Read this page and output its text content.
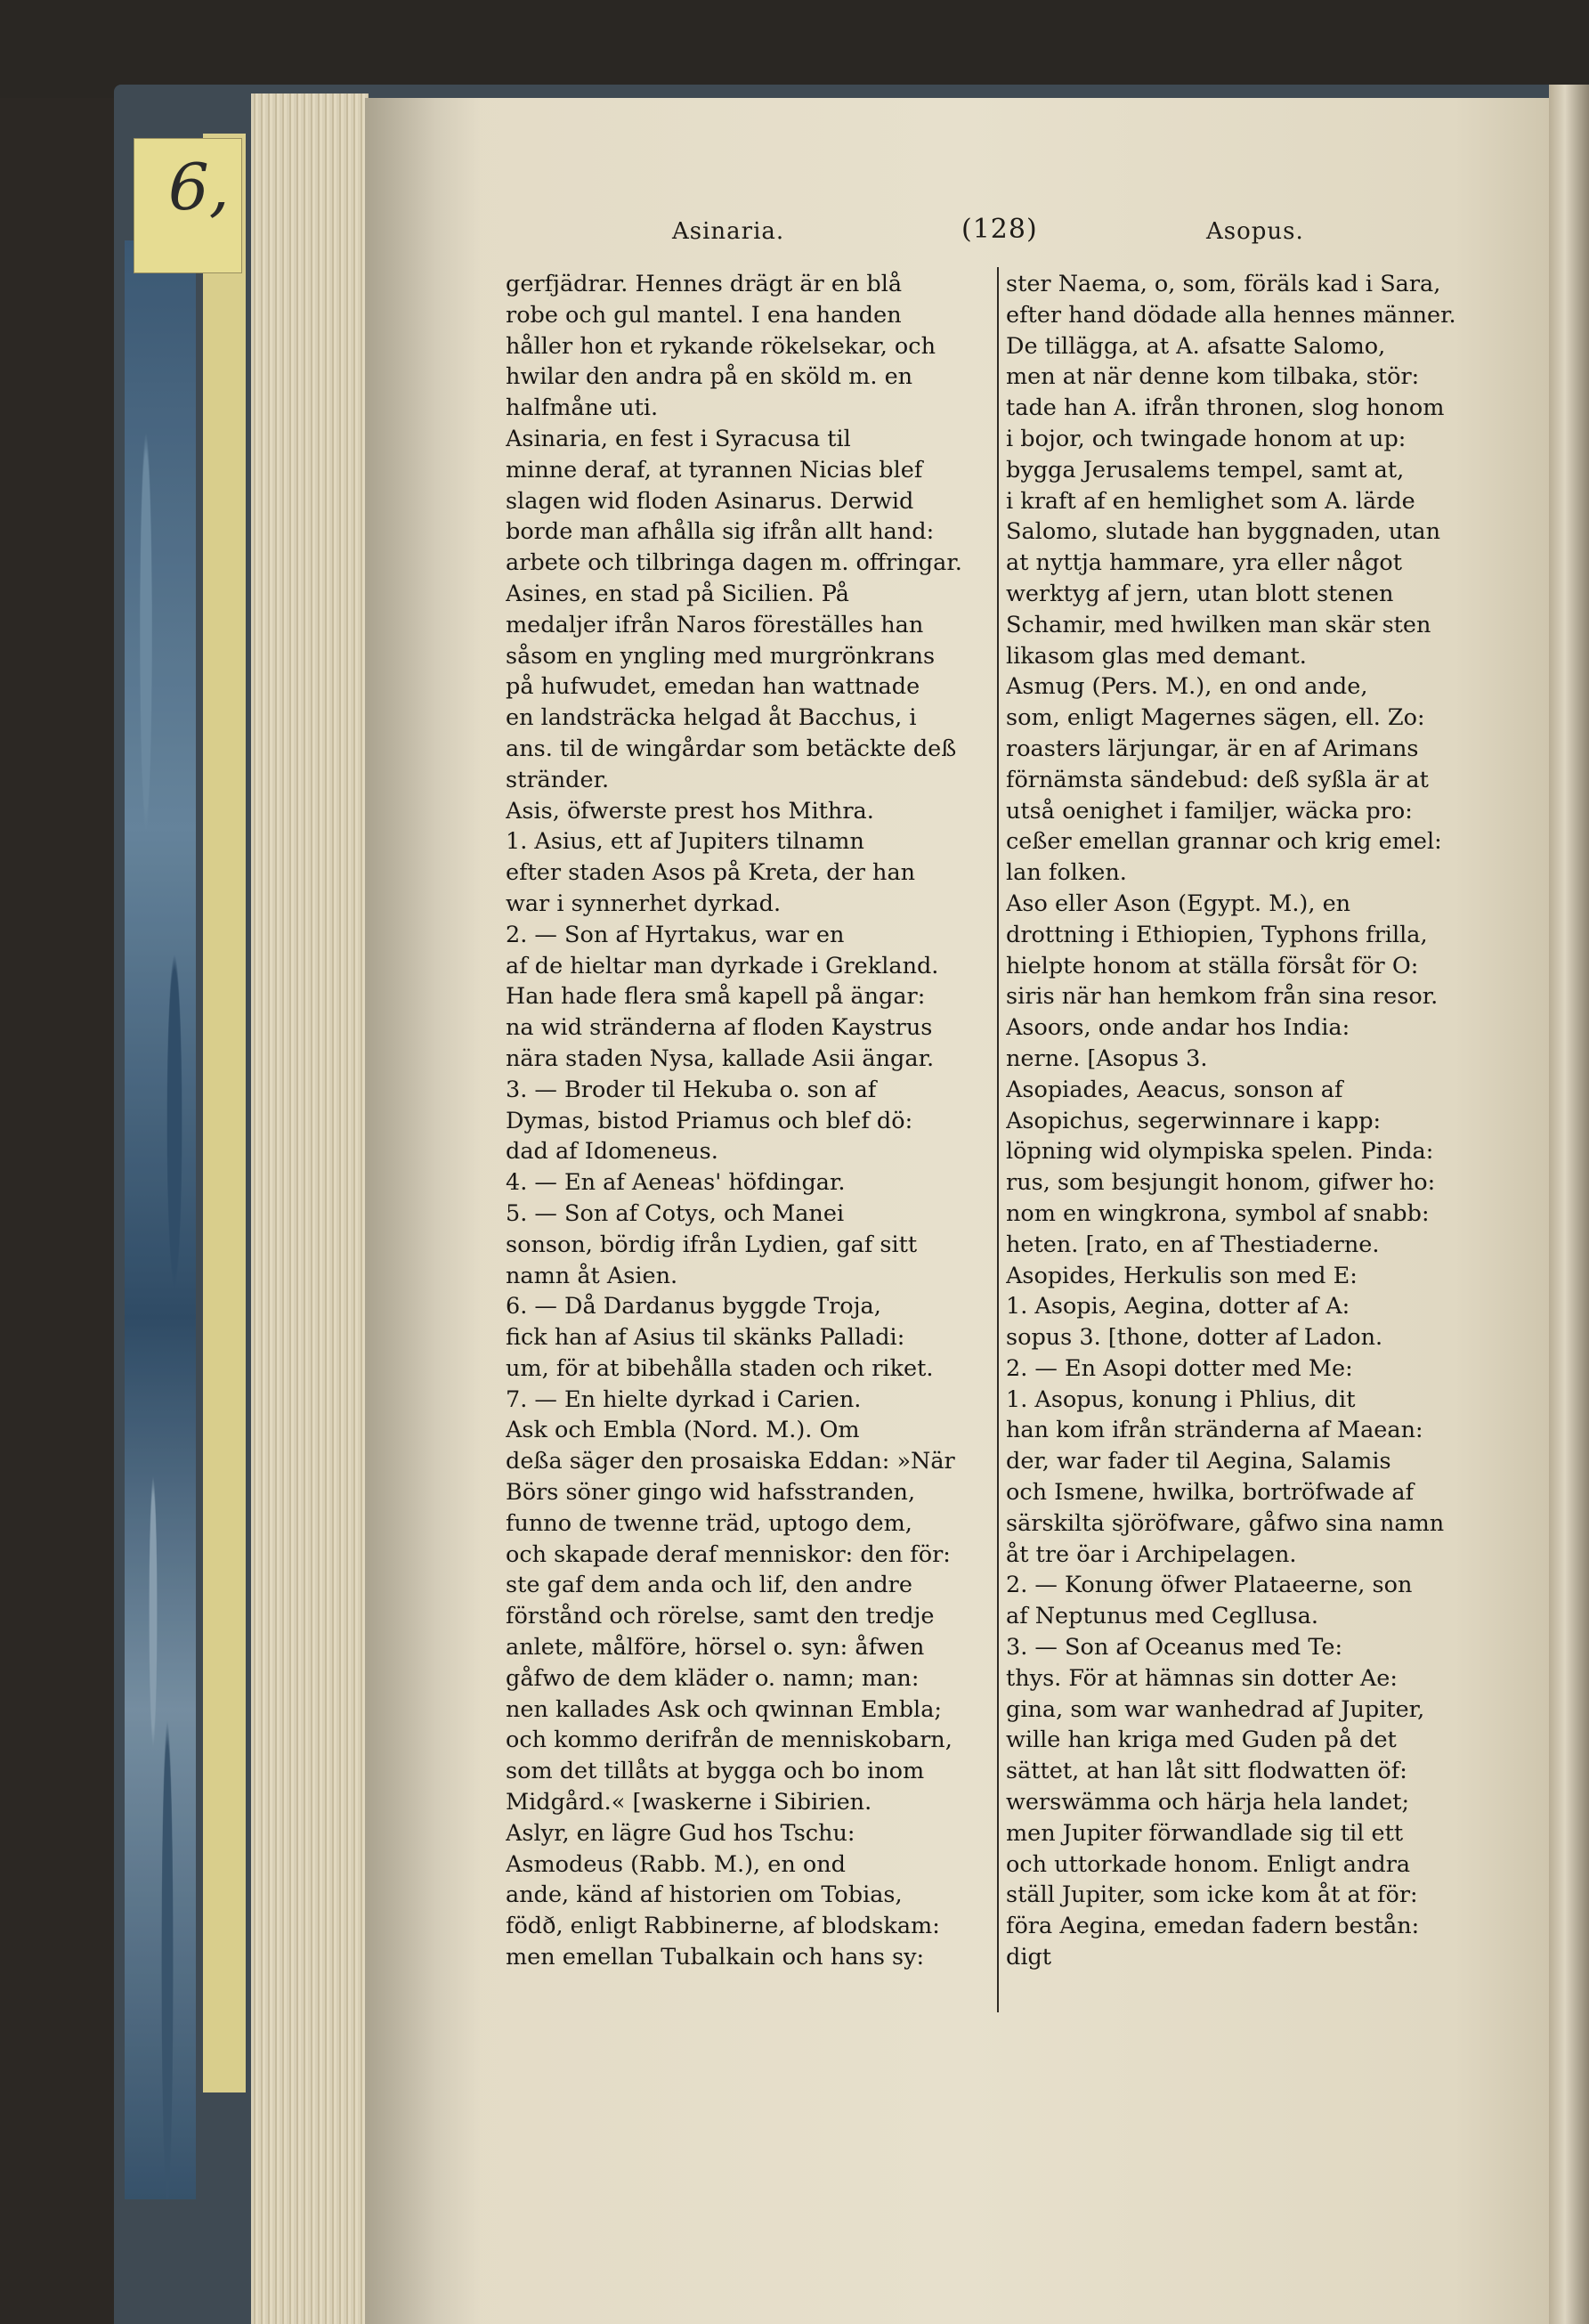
6,
Asinaria.	(128)	Asopus.
gerfjädrar. Hennes drägt är en blå
robe och gul mantel. I ena handen
håller hon et rykande rökelsekar, och
hwilar den andra på en sköld m. en
halfmåne uti.
Asinaria, en fest i Syracusa til
minne deraf, at tyrannen Nicias blef
slagen wid floden Asinarus. Derwid
borde man afhålla sig ifrån allt hand:
arbete och tilbringa dagen m. offringar.
Asines, en stad på Sicilien. På
medaljer ifrån Naros föreställes han
såsom en yngling med murgrönkrans
på hufwudet, emedan han wattnade
en landsträcka helgad åt Bacchus, i
ans. til de wingårdar som betäckte deß
stränder.
Asis, öfwerste prest hos Mithra.
1. Asius, ett af Jupiters tilnamn
efter staden Asos på Kreta, der han
war i synnerhet dyrkad.
2. — Son af Hyrtakus, war en
af de hieltar man dyrkade i Grekland.
Han hade flera små kapell på ängar:
na wid stränderna af floden Kaystrus
nära staden Nysa, kallade Asii ängar.
3. — Broder til Hekuba o. son af
Dymas, bistod Priamus och blef dö:
dad af Idomeneus.
4. — En af Aeneas' höfdingar.
5. — Son af Cotys, och Manei
sonson, bördig ifrån Lydien, gaf sitt
namn åt Asien.
6. — Då Dardanus byggde Troja,
fick han af Asius til skänks Palladi:
um, för at bibehålla staden och riket.
7. — En hielte dyrkad i Carien.
Ask och Embla (Nord. M.). Om
deßa säger den prosaiska Eddan: »När
Börs söner gingo wid hafsstranden,
funno de twenne träd, uptogo dem,
och skapade deraf menniskor: den för:
ste gaf dem anda och lif, den andre
förstånd och rörelse, samt den tredje
anlete, målföre, hörsel o. syn: åfwen
gåfwo de dem kläder o. namn; man:
nen kallades Ask och qwinnan Embla;
och kommo derifrån de menniskobarn,
som det tillåts at bygga och bo inom
Midgård.« [waskerne i Sibirien.
Aslyr, en lägre Gud hos Tschu:
Asmodeus (Rabb. M.), en ond
ande, känd af historien om Tobias,
födð, enligt Rabbinerne, af blodskam:
men emellan Tubalkain och hans sy:
ster Naema, o, som, föräls kad i Sara,
efter hand dödade alla hennes männer.
De tillägga, at A. afsatte Salomo,
men at när denne kom tilbaka, stör:
tade han A. ifrån thronen, slog honom
i bojor, och twingade honom at up:
bygga Jerusalems tempel, samt at,
i kraft af en hemlighet som A. lärde
Salomo, slutade han byggnaden, utan
at nyttja hammare, yra eller något
werktyg af jern, utan blott stenen
Schamir, med hwilken man skär sten
likasom glas med demant.
Asmug (Pers. M.), en ond ande,
som, enligt Magernes sägen, ell. Zo:
roasters lärjungar, är en af Arimans
förnämsta sändebud: deß syßla är at
utså oenighet i familjer, wäcka pro:
ceßer emellan grannar och krig emel:
lan folken.
Aso eller Ason (Egypt. M.), en
drottning i Ethiopien, Typhons frilla,
hielpte honom at ställa försåt för O:
siris när han hemkom från sina resor.
Asoors, onde andar hos India:
nerne. [Asopus 3.
Asopiades, Aeacus, sonson af
Asopichus, segerwinnare i kapp:
löpning wid olympiska spelen. Pinda:
rus, som besjungit honom, gifwer ho:
nom en wingkrona, symbol af snabb:
heten. [rato, en af Thestiaderne.
Asopides, Herkulis son med E:
1. Asopis, Aegina, dotter af A:
sopus 3. [thone, dotter af Ladon.
2. — En Asopi dotter med Me:
1. Asopus, konung i Phlius, dit
han kom ifrån stränderna af Maean:
der, war fader til Aegina, Salamis
och Ismene, hwilka, bortröfwade af
särskilta sjöröfware, gåfwo sina namn
åt tre öar i Archipelagen.
2. — Konung öfwer Plataeerne, son
af Neptunus med Cegllusa.
3. — Son af Oceanus med Te:
thys. För at hämnas sin dotter Ae:
gina, som war wanhedrad af Jupiter,
wille han kriga med Guden på det
sättet, at han låt sitt flodwatten öf:
werswämma och härja hela landet;
men Jupiter förwandlade sig til ett
och uttorkade honom. Enligt andra
ställ Jupiter, som icke kom åt at för:
föra Aegina, emedan fadern bestån:
digt
